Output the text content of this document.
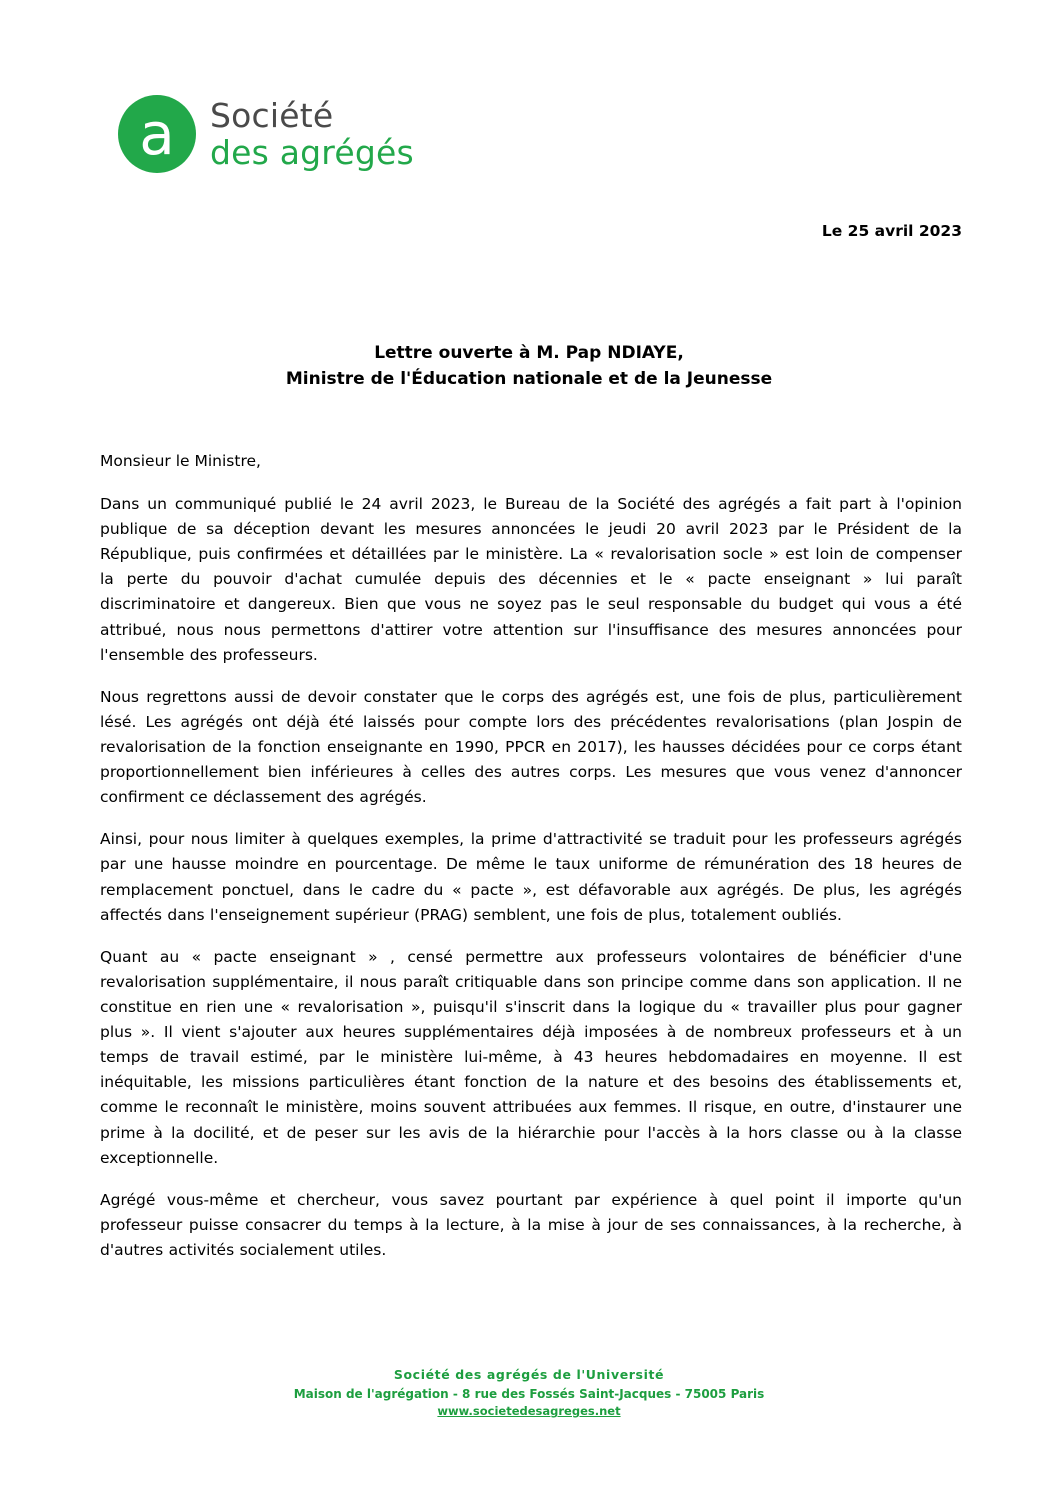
a	Société
des agrégés
Le 25 avril 2023
Lettre ouverte à M. Pap NDIAYE,
Ministre de l'Éducation nationale et de la Jeunesse
Monsieur le Ministre,

Dans un communiqué publié le 24 avril 2023, le Bureau de la Société des agrégés a fait part à l'opinion publique de sa déception devant les mesures annoncées le jeudi 20 avril 2023 par le Président de la République, puis confirmées et détaillées par le ministère. La « revalorisation socle » est loin de compenser la perte du pouvoir d'achat cumulée depuis des décennies et le « pacte enseignant » lui paraît discriminatoire et dangereux. Bien que vous ne soyez pas le seul responsable du budget qui vous a été attribué, nous nous permettons d'attirer votre attention sur l'insuffisance des mesures annoncées pour l'ensemble des professeurs.

Nous regrettons aussi de devoir constater que le corps des agrégés est, une fois de plus, particulièrement lésé. Les agrégés ont déjà été laissés pour compte lors des précédentes revalorisations (plan Jospin de revalorisation de la fonction enseignante en 1990, PPCR en 2017), les hausses décidées pour ce corps étant proportionnellement bien inférieures à celles des autres corps. Les mesures que vous venez d'annoncer confirment ce déclassement des agrégés.

Ainsi, pour nous limiter à quelques exemples, la prime d'attractivité se traduit pour les professeurs agrégés par une hausse moindre en pourcentage. De même le taux uniforme de rémunération des 18 heures de remplacement ponctuel, dans le cadre du « pacte », est défavorable aux agrégés. De plus, les agrégés affectés dans l'enseignement supérieur (PRAG) semblent, une fois de plus, totalement oubliés.

Quant au « pacte enseignant » , censé permettre aux professeurs volontaires de bénéficier d'une revalorisation supplémentaire, il nous paraît critiquable dans son principe comme dans son application. Il ne constitue en rien une « revalorisation », puisqu'il s'inscrit dans la logique du « travailler plus pour gagner plus ». Il vient s'ajouter aux heures supplémentaires déjà imposées à de nombreux professeurs et à un temps de travail estimé, par le ministère lui-même, à 43 heures hebdomadaires en moyenne. Il est inéquitable, les missions particulières étant fonction de la nature et des besoins des établissements et, comme le reconnaît le ministère, moins souvent attribuées aux femmes. Il risque, en outre, d'instaurer une prime à la docilité, et de peser sur les avis de la hiérarchie pour l'accès à la hors classe ou à la classe exceptionnelle.

Agrégé vous-même et chercheur, vous savez pourtant par expérience à quel point il importe qu'un professeur puisse consacrer du temps à la lecture, à la mise à jour de ses connaissances, à la recherche, à d'autres activités socialement utiles.

Société des agrégés de l'Université
Maison de l'agrégation - 8 rue des Fossés Saint-Jacques - 75005 Paris
www.societedesagreges.net
